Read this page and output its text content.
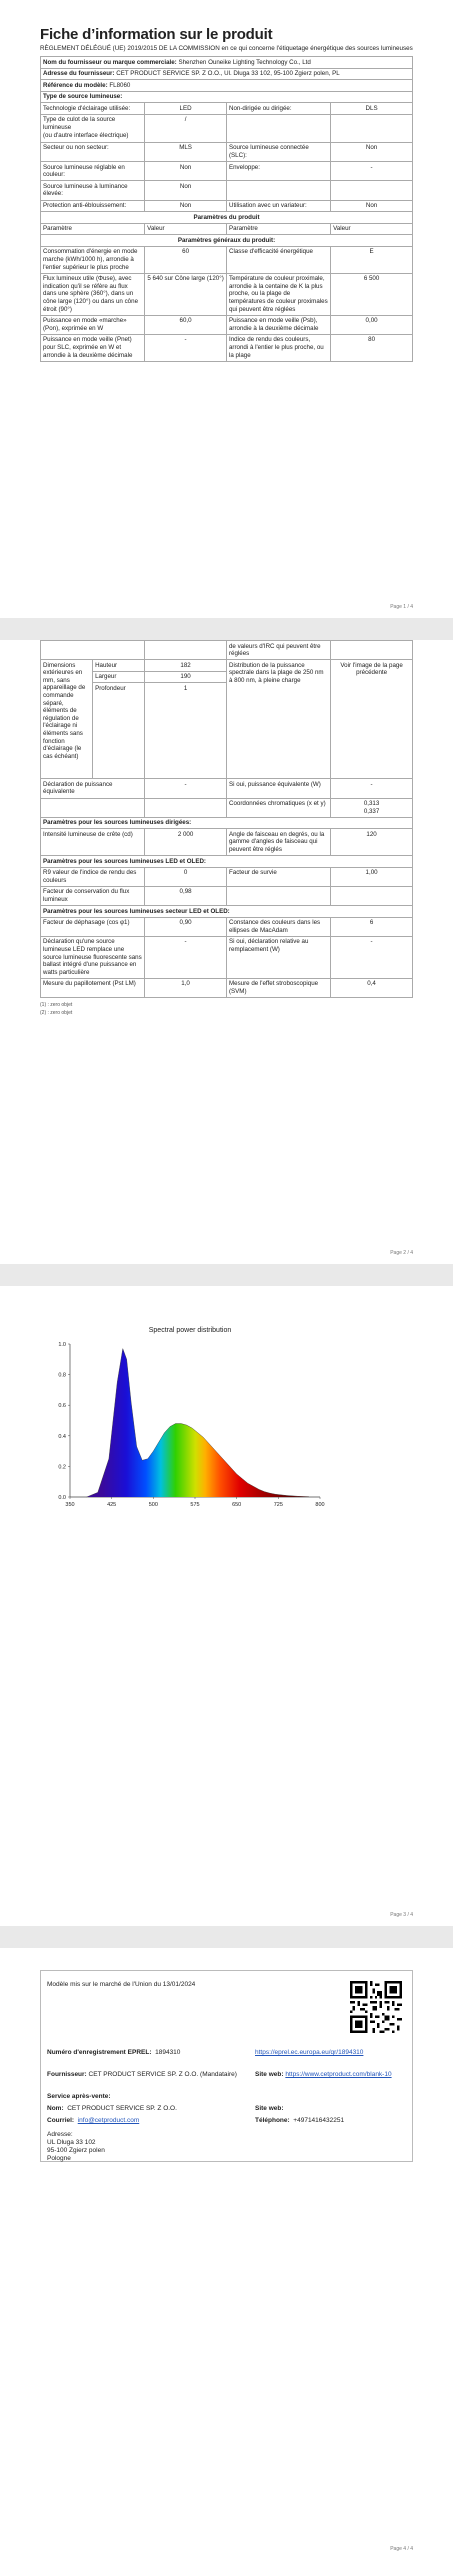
Fiche d’information sur le produit
RÈGLEMENT DÉLÉGUÉ (UE) 2019/2015 DE LA COMMISSION en ce qui concerne l'étiquetage énergétique des sources lumineuses
Nom du fournisseur ou marque commerciale: Shenzhen Ouneike Lighting Technology Co., Ltd			
Adresse du fournisseur: CET PRODUCT SERVICE SP. Z O.O., Ul. Dluga 33 102, 95-100 Zgierz polen, PL			
Référence du modèle: FL8060			
Type de source lumineuse:			
Technologie d'éclairage utilisée:	LED	Non-dirigée ou dirigée:	DLS
Type de culot de la source lumineuse
(ou d'autre interface électrique)	/		
Secteur ou non secteur:	MLS	Source lumineuse connectée (SLC):	Non
Source lumineuse réglable en couleur:	Non	Enveloppe:	-
Source lumineuse à luminance élevée:	Non		
Protection anti-éblouissement:	Non	Utilisation avec un variateur:	Non
Paramètres du produit			
Paramètre	Valeur	Paramètre	Valeur
Paramètres généraux du produit:			
Consommation d'énergie en mode marche (kWh/1000 h), arrondie à l'entier supérieur le plus proche	60	Classe d'efficacité énergétique	E
Flux lumineux utile (Φuse), avec indication qu'il se réfère au flux dans une sphère (360°), dans un cône large (120°) ou dans un cône étroit (90°)	5 640 sur Cône large (120°)	Température de couleur proximale, arrondie à la centaine de K la plus proche, ou la plage de températures de couleur proximales qui peuvent être réglées	6 500
Puissance en mode «marche» (Pon), exprimée en W	60,0	Puissance en mode veille (Psb), arrondie à la deuxième décimale	0,00
Puissance en mode veille (Pnet) pour SLC, exprimée en W et arrondie à la deuxième décimale	-	Indice de rendu des couleurs, arrondi à l'entier le plus proche, ou la plage	80
Page 1 / 4
			de valeurs d'IRC qui peuvent être réglées	
Dimensions extérieures en mm, sans appareillage de commande séparé, éléments de régulation de l'éclairage ni éléments sans fonction d'éclairage (le cas échéant)	Hauteur	182	Distribution de la puissance spectrale dans la plage de 250 nm à 800 nm, à pleine charge	Voir l'image de la page précédente
	Largeur	190		
	Profondeur	1		
Déclaration de puissance équivalente		-	Si oui, puissance équivalente (W)	-
			Coordonnées chromatiques (x et y)	0,313
0,337
Paramètres pour les sources lumineuses dirigées:				
Intensité lumineuse de crête (cd)		2 000	Angle de faisceau en degrés, ou la gamme d'angles de faisceau qui peuvent être réglés	120
Paramètres pour les sources lumineuses LED et OLED:				
R9 valeur de l'indice de rendu des couleurs		0	Facteur de survie	1,00
Facteur de conservation du flux lumineux		0,98		
Paramètres pour les sources lumineuses secteur LED et OLED:				
Facteur de déphasage (cos φ1)		0,90	Constance des couleurs dans les ellipses de MacAdam	6
Déclaration qu'une source lumineuse LED remplace une source lumineuse fluorescente sans ballast intégré d'une puissance en watts particulière		-	Si oui, déclaration relative au remplacement (W)	-
Mesure du papillotement (Pst LM)		1,0	Mesure de l'effet stroboscopique (SVM)	0,4
(1) : zero objet
(2) : zero objet
Page 2 / 4
Spectral power distribution
350	425	500	575	650	725	800
0.0
0.2
0.4
0.6
0.8
1.0
Page 3 / 4
Modèle mis sur le marché de l'Union du 13/01/2024
Numéro d'enregistrement EPREL: 1894310	https://eprel.ec.europa.eu/qr/1894310
Fournisseur: CET PRODUCT SERVICE SP. Z O.O. (Mandataire)	Site web: https://www.cetproduct.com/blank-10
Service après-vente:
Nom: CET PRODUCT SERVICE SP. Z O.O.	Site web:
Courriel: info@cetproduct.com	Téléphone: +4971416432251
Adresse:
UL Dluga 33 102
95-100 Zgierz polen
Pologne
Page 4 / 4
